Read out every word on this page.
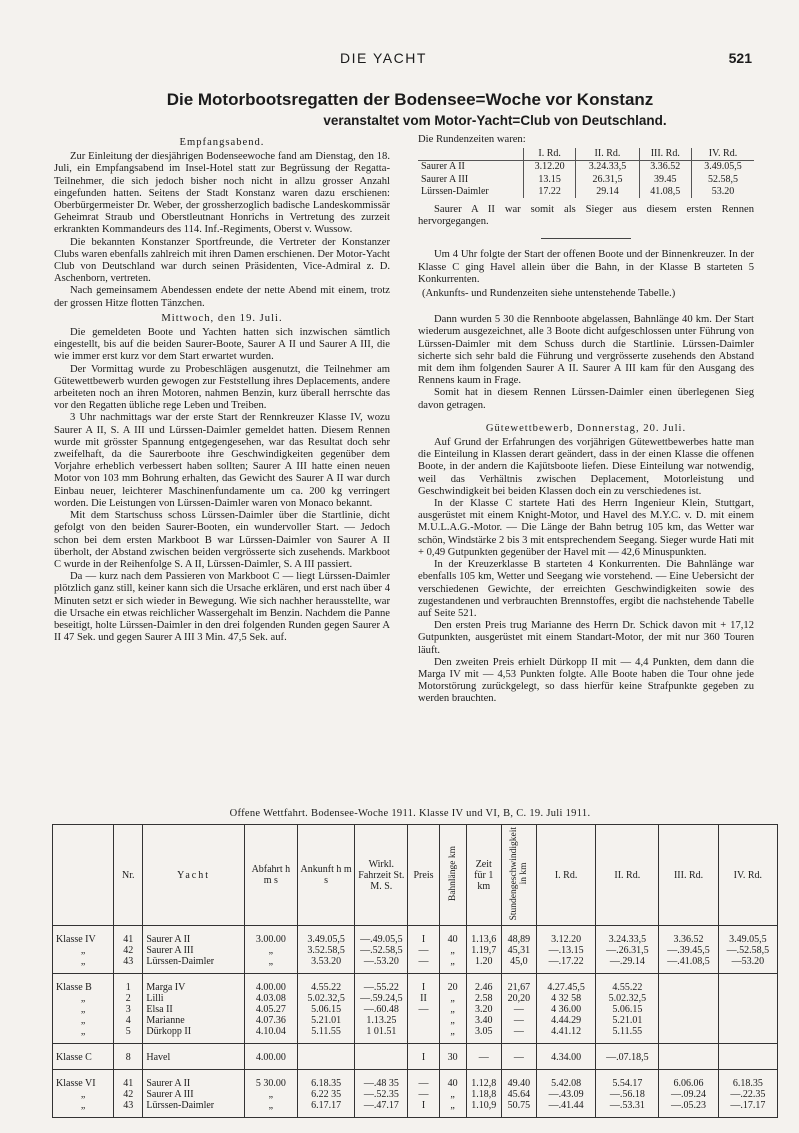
DIE YACHT	521
Die Motorbootsregatten der Bodensee=Woche vor Konstanz
veranstaltet vom Motor-Yacht=Club von Deutschland.

Empfangsabend.

Zur Einleitung der diesjährigen Bodenseewoche fand am Dienstag, den 18. Juli, ein Empfangsabend im Insel-Hotel statt zur Begrüssung der Regatta-Teilnehmer, die sich jedoch bisher noch nicht in allzu grosser Anzahl eingefunden hatten. Seitens der Stadt Konstanz waren dazu erschienen: Oberbürgermeister Dr. Weber, der grossherzoglich badische Landeskommissär Geheimrat Straub und Oberstleutnant Honrichs in Vertretung des zurzeit erkrankten Kommandeurs des 114. Inf.-Regiments, Oberst v. Wussow.

Die bekannten Konstanzer Sportfreunde, die Vertreter der Konstanzer Clubs waren ebenfalls zahlreich mit ihren Damen erschienen. Der Motor-Yacht Club von Deutschland war durch seinen Präsidenten, Vice-Admiral z. D. Aschenborn, vertreten.

Nach gemeinsamem Abendessen endete der nette Abend mit einem, trotz der grossen Hitze flotten Tänzchen.

Mittwoch, den 19. Juli.

Die gemeldeten Boote und Yachten hatten sich inzwischen sämtlich eingestellt, bis auf die beiden Saurer-Boote, Saurer A II und Saurer A III, die wie immer erst kurz vor dem Start erwartet wurden.

Der Vormittag wurde zu Probeschlägen ausgenutzt, die Teilnehmer am Gütewettbewerb wurden gewogen zur Feststellung ihres Deplacements, andere arbeiteten noch an ihren Motoren, nahmen Benzin, kurz überall herrschte das vor den Regatten übliche rege Leben und Treiben.

3 Uhr nachmittags war der erste Start der Rennkreuzer Klasse IV, wozu Saurer A II, S. A III und Lürssen-Daimler gemeldet hatten. Diesem Rennen wurde mit grösster Spannung entgegengesehen, war das Resultat doch sehr zweifelhaft, da die Saurerboote ihre Geschwindigkeiten gegenüber dem Vorjahre erheblich verbessert haben sollten; Saurer A III hatte einen neuen Motor von 103 mm Bohrung erhalten, das Gewicht des Saurer A II war durch Einbau neuer, leichterer Maschinenfundamente um ca. 200 kg verringert worden. Die Leistungen von Lürssen-Daimler waren von Monaco bekannt.

Mit dem Startschuss schoss Lürssen-Daimler über die Startlinie, dicht gefolgt von den beiden Saurer-Booten, ein wundervoller Start. — Jedoch schon bei dem ersten Markboot B war Lürssen-Daimler von Saurer A II überholt, der Abstand zwischen beiden vergrösserte sich zusehends. Markboot C wurde in der Reihenfolge S. A II, Lürssen-Daimler, S. A III passiert.

Da — kurz nach dem Passieren von Markboot C — liegt Lürssen-Daimler plötzlich ganz still, keiner kann sich die Ursache erklären, und erst nach über 4 Minuten setzt er sich wieder in Bewegung. Wie sich nachher herausstellte, war die Ursache ein etwas reichlicher Wassergehalt im Benzin. Nachdem die Panne beseitigt, holte Lürssen-Daimler in den drei folgenden Runden gegen Saurer A II 47 Sek. und gegen Saurer A III 3 Min. 47,5 Sek. auf.

Die Rundenzeiten waren:

	I. Rd.	II. Rd.	III. Rd.	IV. Rd.
Saurer A II	3.12.20	3.24.33,5	3.36.52	3.49.05,5
Saurer A III	13.15	26.31,5	39.45	52.58,5
Lürssen-Daimler	17.22	29.14	41.08,5	53.20

Saurer A II war somit als Sieger aus diesem ersten Rennen hervorgegangen.

Um 4 Uhr folgte der Start der offenen Boote und der Binnenkreuzer. In der Klasse C ging Havel allein über die Bahn, in der Klasse B starteten 5 Konkurrenten.

(Ankunfts- und Rundenzeiten siehe untenstehende Tabelle.)

Dann wurden 5 30 die Rennboote abgelassen, Bahnlänge 40 km. Der Start wiederum ausgezeichnet, alle 3 Boote dicht aufgeschlossen unter Führung von Lürssen-Daimler mit dem Schuss durch die Startlinie. Lürssen-Daimler sicherte sich sehr bald die Führung und vergrösserte zusehends den Abstand mit dem ihm folgenden Saurer A II. Saurer A III kam für den Ausgang des Rennens kaum in Frage.

Somit hat in diesem Rennen Lürssen-Daimler einen überlegenen Sieg davon getragen.

Gütewettbewerb, Donnerstag, 20. Juli.

Auf Grund der Erfahrungen des vorjährigen Gütewettbewerbes hatte man die Einteilung in Klassen derart geändert, dass in der einen Klasse die offenen Boote, in der andern die Kajütsboote liefen. Diese Einteilung war notwendig, weil das Verhältnis zwischen Deplacement, Motorleistung und Geschwindigkeit bei beiden Klassen doch ein zu verschiedenes ist.

In der Klasse C startete Hati des Herrn Ingenieur Klein, Stuttgart, ausgerüstet mit einem Knight-Motor, und Havel des M.Y.C. v. D. mit einem M.U.L.A.G.-Motor. — Die Länge der Bahn betrug 105 km, das Wetter war schön, Windstärke 2 bis 3 mit entsprechendem Seegang. Sieger wurde Hati mit + 0,49 Gutpunkten gegenüber der Havel mit — 42,6 Minuspunkten.

In der Kreuzerklasse B starteten 4 Konkurrenten. Die Bahnlänge war ebenfalls 105 km, Wetter und Seegang wie vorstehend. — Eine Uebersicht der verschiedenen Gewichte, der erreichten Geschwindigkeiten sowie des zugestandenen und verbrauchten Brennstoffes, ergibt die nachstehende Tabelle auf Seite 521.

Den ersten Preis trug Marianne des Herrn Dr. Schick davon mit + 17,12 Gutpunkten, ausgerüstet mit einem Standart-Motor, der mit nur 360 Touren läuft.

Den zweiten Preis erhielt Dürkopp II mit — 4,4 Punkten, dem dann die Marga IV mit — 4,53 Punkten folgte. Alle Boote haben die Tour ohne jede Motorstörung zurückgelegt, so dass hierfür keine Strafpunkte gegeben zu werden brauchten.

Offene Wettfahrt. Bodensee-Woche 1911. Klasse IV und VI, B, C. 19. Juli 1911.
	Nr.	Yacht	Abfahrt h m s	Ankunft h m s	Wirkl. Fahrzeit St. M. S.	Preis	Bahnlänge km	Zeit für 1 km	Stundengeschwindigkeit in km	I. Rd.	II. Rd.	III. Rd.	IV. Rd.
Klasse IV	41	Saurer A II	3.00.00	3.49.05,5	—.49.05,5	I	40	1.13,6	48,89	3.12.20	3.24.33,5	3.36.52	3.49.05,5
„	42	Saurer A III	„	3.52.58,5	—.52.58,5	—	„	1.19,7	45,31	—.13.15	—.26.31,5	—.39.45,5	—.52.58,5
„	43	Lürssen-Daimler	„	3.53.20	—.53.20	—	„	1.20	45,0	—.17.22	—.29.14	—.41.08,5	—53.20
Klasse B	1	Marga IV	4.00.00	4.55.22	—.55.22	I	20	2.46	21,67	4.27.45,5	4.55.22		
„	2	Lilli	4.03.08	5.02.32,5	—.59.24,5	II	„	2.58	20,20	4 32 58	5.02.32,5		
„	3	Elsa II	4.05.27	5.06.15	—.60.48	—	„	3.20	—	4 36.00	5.06.15		
„	4	Marianne	4.07.36	5.21.01	1.13.25		„	3.40	—	4.44.29	5.21.01		
„	5	Dürkopp II	4.10.04	5.11.55	1 01.51		„	3.05	—	4.41.12	5.11.55		
Klasse C	8	Havel	4.00.00			I	30	—	—	4.34.00	—.07.18,5		
Klasse VI	41	Saurer A II	5 30.00	6.18.35	—.48 35	—	40	1.12,8	49.40	5.42.08	5.54.17	6.06.06	6.18.35
„	42	Saurer A III	„	6.22 35	—.52.35	—	„	1.18,8	45.64	—.43.09	—.56.18	—.09.24	—.22.35
„	43	Lürssen-Daimler	„	6.17.17	—.47.17	I	„	1.10,9	50.75	—.41.44	—.53.31	—.05.23	—.17.17
